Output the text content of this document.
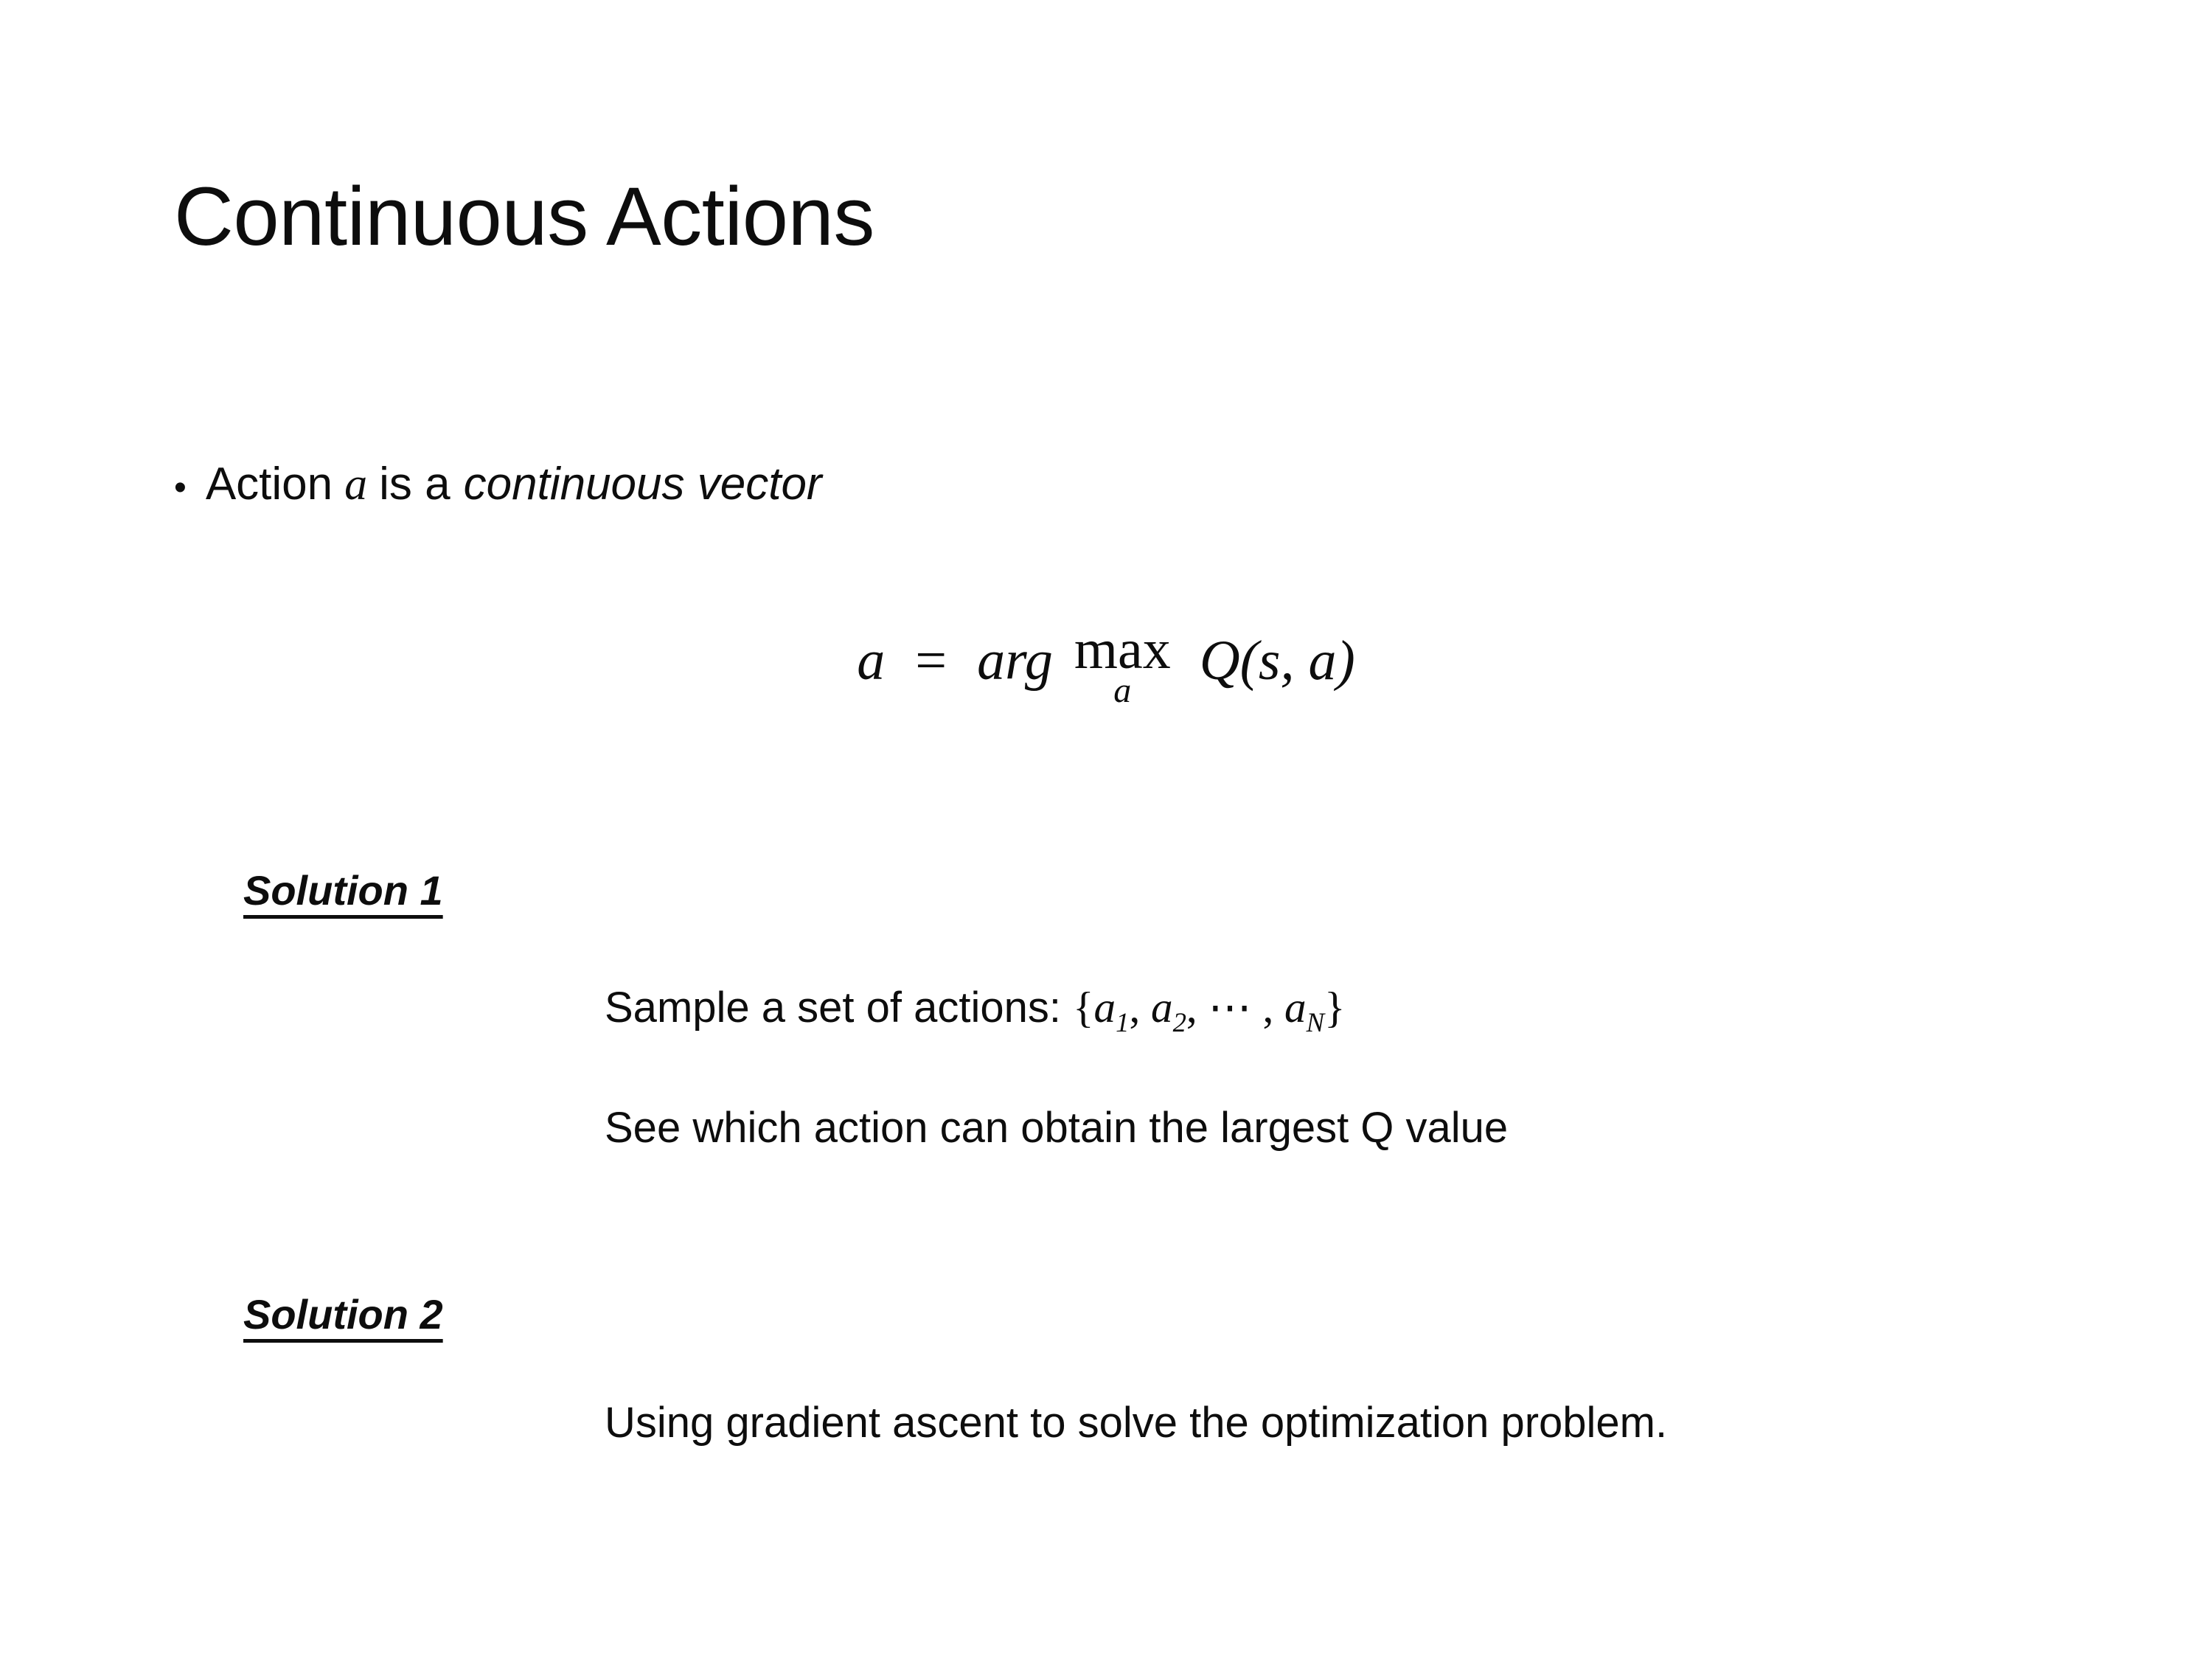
Continuous Actions
• Action a is a continuous vector
a = arg max
a Q(s, a)
Solution 1
Sample a set of actions: {$a_1$, $a_2$, ⋯ , $a_N$}
See which action can obtain the largest Q value
Solution 2
Using gradient ascent to solve the optimization problem.
